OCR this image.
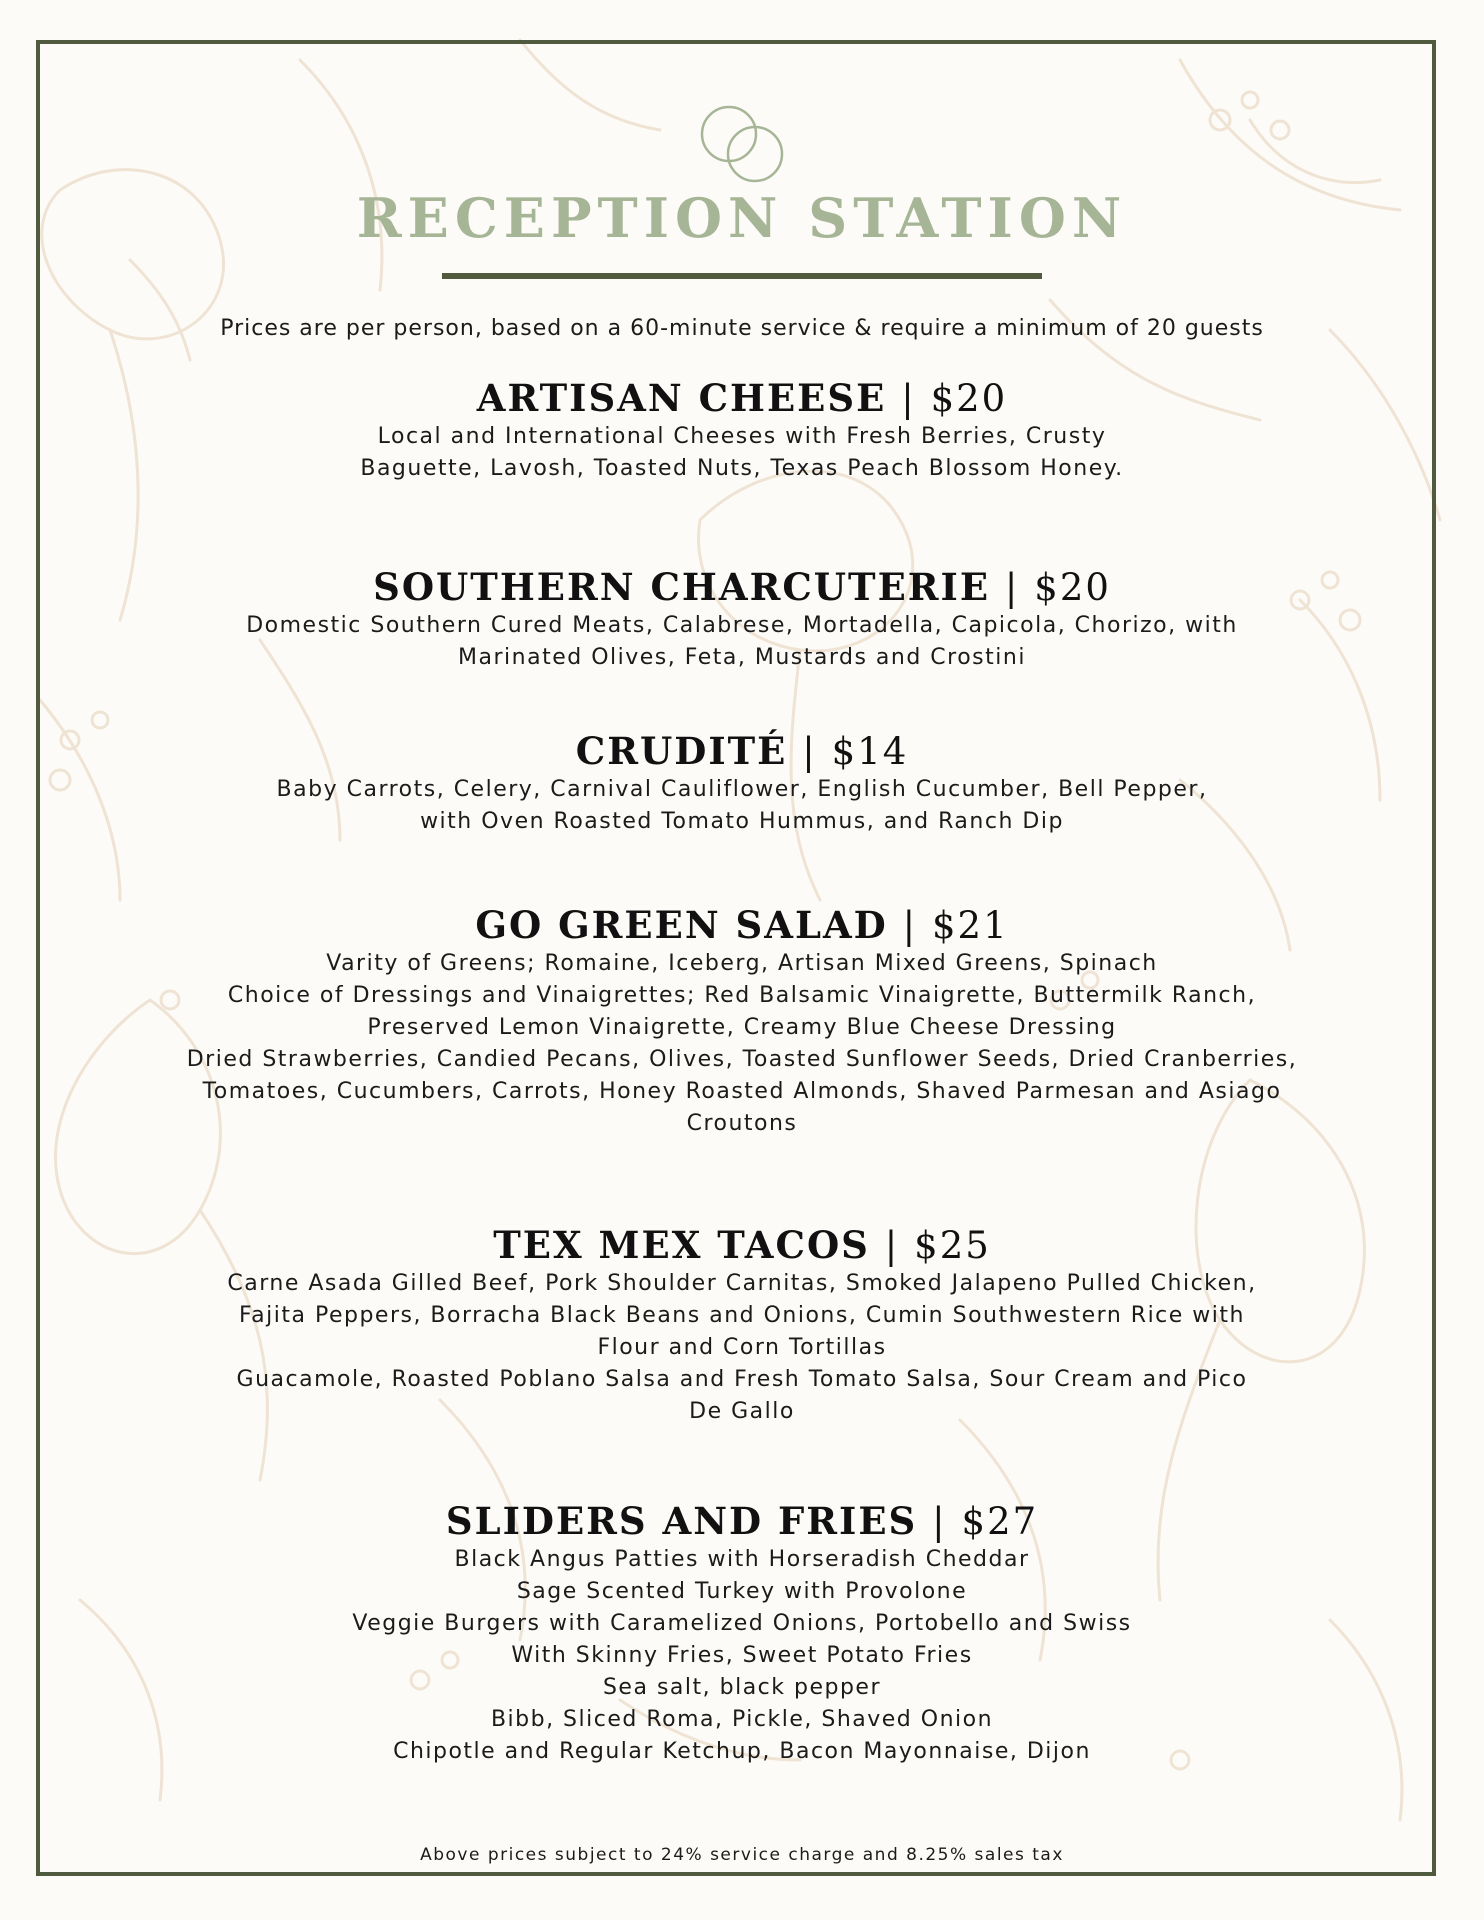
RECEPTION STATION
Prices are per person, based on a 60-minute service & require a minimum of 20 guests
ARTISAN CHEESE | $20
Local and International Cheeses with Fresh Berries, Crusty
Baguette, Lavosh, Toasted Nuts, Texas Peach Blossom Honey.
SOUTHERN CHARCUTERIE | $20
Domestic Southern Cured Meats, Calabrese, Mortadella, Capicola, Chorizo, with
Marinated Olives, Feta, Mustards and Crostini
CRUDITÉ | $14
Baby Carrots, Celery, Carnival Cauliflower, English Cucumber, Bell Pepper,
with Oven Roasted Tomato Hummus, and Ranch Dip
GO GREEN SALAD | $21
Varity of Greens; Romaine, Iceberg, Artisan Mixed Greens, Spinach
Choice of Dressings and Vinaigrettes; Red Balsamic Vinaigrette, Buttermilk Ranch,
Preserved Lemon Vinaigrette, Creamy Blue Cheese Dressing
Dried Strawberries, Candied Pecans, Olives, Toasted Sunflower Seeds, Dried Cranberries,
Tomatoes, Cucumbers, Carrots, Honey Roasted Almonds, Shaved Parmesan and Asiago
Croutons
TEX MEX TACOS | $25
Carne Asada Gilled Beef, Pork Shoulder Carnitas, Smoked Jalapeno Pulled Chicken,
Fajita Peppers, Borracha Black Beans and Onions, Cumin Southwestern Rice with
Flour and Corn Tortillas
Guacamole, Roasted Poblano Salsa and Fresh Tomato Salsa, Sour Cream and Pico
De Gallo
SLIDERS AND FRIES | $27
Black Angus Patties with Horseradish Cheddar
Sage Scented Turkey with Provolone
Veggie Burgers with Caramelized Onions, Portobello and Swiss
With Skinny Fries, Sweet Potato Fries
Sea salt, black pepper
Bibb, Sliced Roma, Pickle, Shaved Onion
Chipotle and Regular Ketchup, Bacon Mayonnaise, Dijon
Above prices subject to 24% service charge and 8.25% sales tax
